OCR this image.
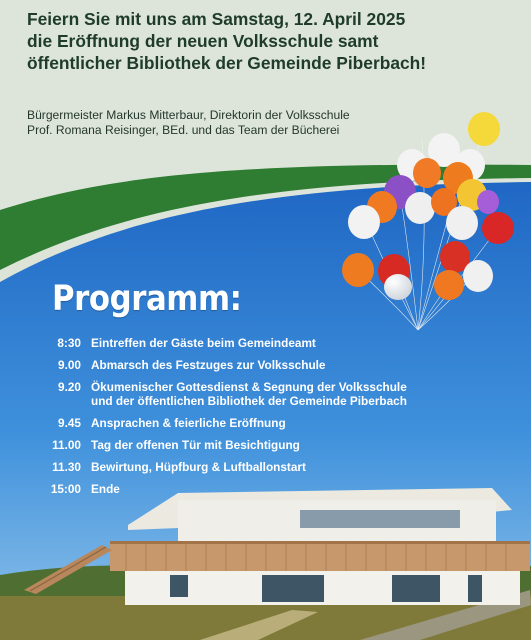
Feiern Sie mit uns am Samstag, 12. April 2025
die Eröffnung der neuen Volksschule samt
öffentlicher Bibliothek der Gemeinde Piberbach!

Bürgermeister Markus Mitterbaur, Direktorin der Volksschule
Prof. Romana Reisinger, BEd. und das Team der Bücherei

Programm:
8:30 Eintreffen der Gäste beim Gemeindeamt
9.00 Abmarsch des Festzuges zur Volksschule
9.20 Ökumenischer Gottesdienst & Segnung der Volksschule
und der öffentlichen Bibliothek der Gemeinde Piberbach
9.45 Ansprachen & feierliche Eröffnung
11.00 Tag der offenen Tür mit Besichtigung
11.30 Bewirtung, Hüpfburg & Luftballonstart
15:00 Ende
